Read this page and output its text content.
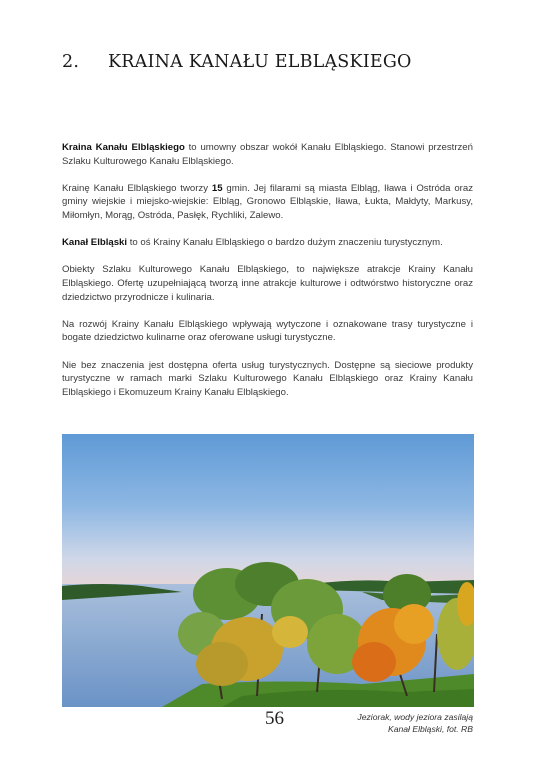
2. KRAINA KANAŁU ELBLĄSKIEGO

Kraina Kanału Elbląskiego to umowny obszar wokół Kanału Elbląskiego. Stanowi przestrzeń Szlaku Kulturowego Kanału Elbląskiego.

Krainę Kanału Elbląskiego tworzy 15 gmin. Jej filarami są miasta Elbląg, Iława i Ostróda oraz gminy wiejskie i miejsko-wiejskie: Elbląg, Gronowo Elbląskie, Iława, Łukta, Małdyty, Markusy, Miłomłyn, Morąg, Ostróda, Pasłęk, Rychliki, Zalewo.

Kanał Elbląski to oś Krainy Kanału Elbląskiego o bardzo dużym znaczeniu turystycznym.

Obiekty Szlaku Kulturowego Kanału Elbląskiego, to największe atrakcje Krainy Kanału Elbląskiego. Ofertę uzupełniającą tworzą inne atrakcje kulturowe i odtwórstwo historyczne oraz dziedzictwo przyrodnicze i kulinaria.

Na rozwój Krainy Kanału Elbląskiego wpływają wytyczone i oznakowane trasy turystyczne i bogate dziedzictwo kulinarne oraz oferowane usługi turystyczne.

Nie bez znaczenia jest dostępna oferta usług turystycznych. Dostępne są sieciowe produkty turystyczne w ramach marki Szlaku Kulturowego Kanału Elbląskiego oraz Krainy Kanału Elbląskiego i Ekomuzeum Krainy Kanału Elbląskiego.

56	Jeziorak, wody jeziora zasilają
Kanał Elbląski, fot. RB
